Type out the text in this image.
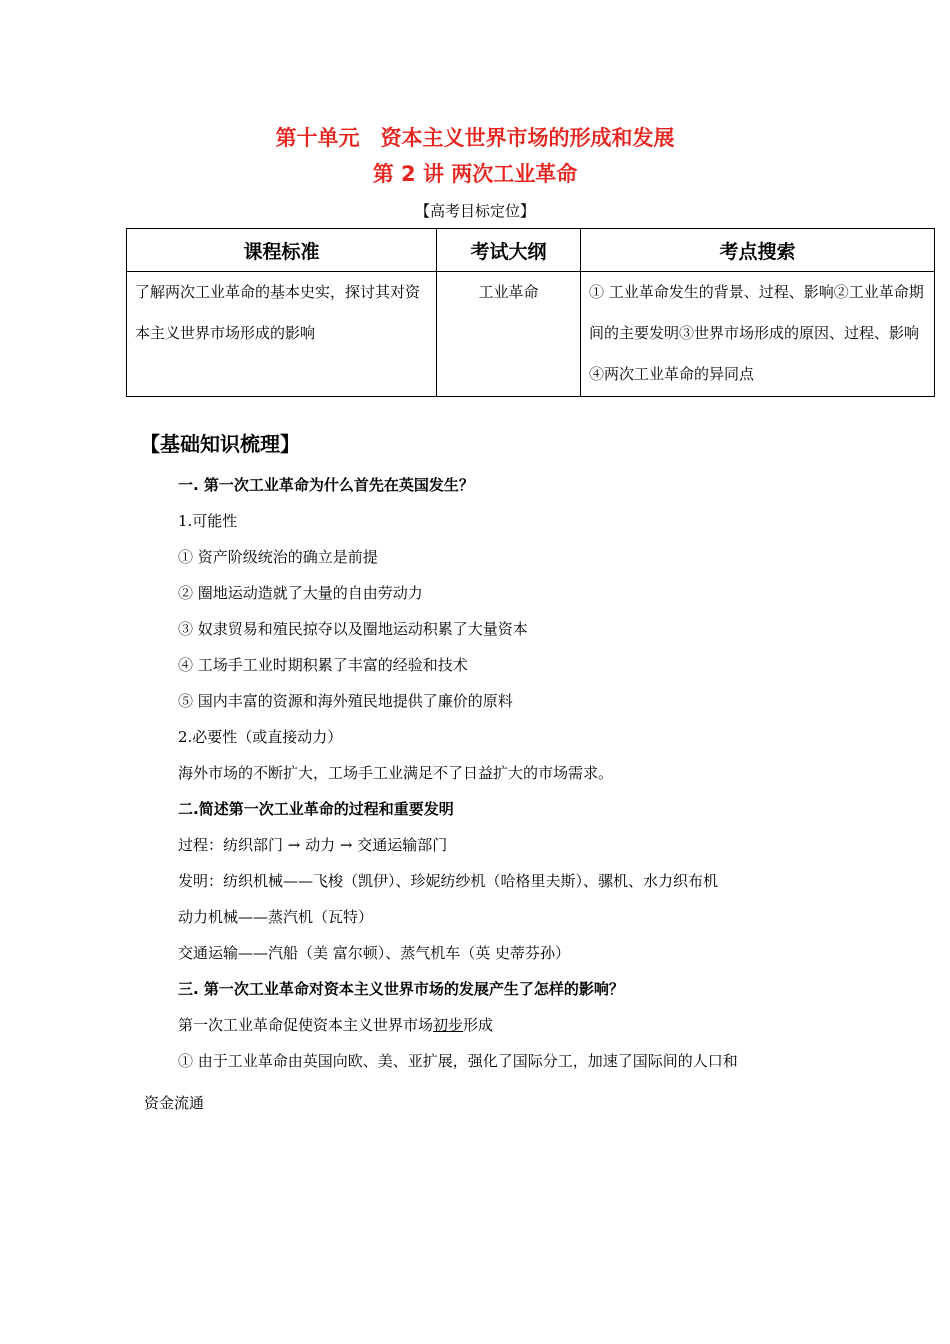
第十单元　资本主义世界市场的形成和发展
第 2 讲 两次工业革命
【高考目标定位】
课程标准	考试大纲	考点搜索
了解两次工业革命的基本史实，探讨其对资本主义世界市场形成的影响	工业革命	① 工业革命发生的背景、过程、影响②工业革命期间的主要发明③世界市场形成的原因、过程、影响④两次工业革命的异同点
【基础知识梳理】
一. 第一次工业革命为什么首先在英国发生？
1.可能性
① 资产阶级统治的确立是前提
② 圈地运动造就了大量的自由劳动力
③ 奴隶贸易和殖民掠夺以及圈地运动积累了大量资本
④ 工场手工业时期积累了丰富的经验和技术
⑤ 国内丰富的资源和海外殖民地提供了廉价的原料
2.必要性（或直接动力）
海外市场的不断扩大，工场手工业满足不了日益扩大的市场需求。
二.简述第一次工业革命的过程和重要发明
过程：纺织部门 → 动力 → 交通运输部门
发明：纺织机械——飞梭（凯伊）、珍妮纺纱机（哈格里夫斯）、骡机、水力织布机
动力机械——蒸汽机（瓦特）
交通运输——汽船（美 富尔顿）、蒸气机车（英 史蒂芬孙）
三. 第一次工业革命对资本主义世界市场的发展产生了怎样的影响？
第一次工业革命促使资本主义世界市场初步形成
① 由于工业革命由英国向欧、美、亚扩展，强化了国际分工，加速了国际间的人口和
资金流通
